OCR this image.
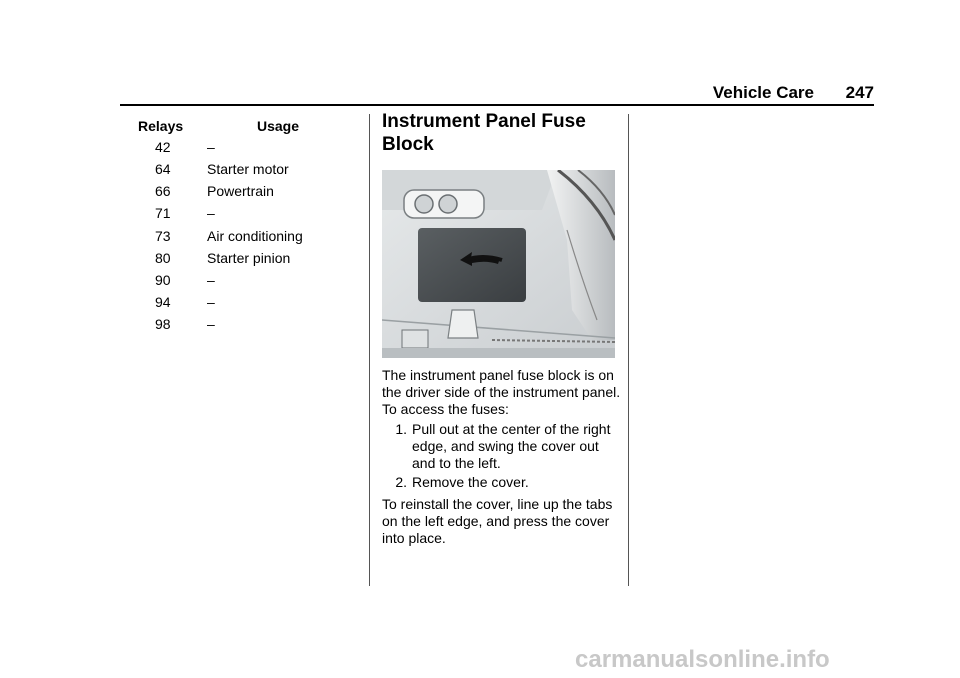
Vehicle Care 247
Relays	Usage
42	–
64	Starter motor
66	Powertrain
71	–
73	Air conditioning
80	Starter pinion
90	–
94	–
98	–
Instrument Panel Fuse Block
The instrument panel fuse block is on the driver side of the instrument panel. To access the fuses:
1. Pull out at the center of the right edge, and swing the cover out and to the left.
2. Remove the cover.
To reinstall the cover, line up the tabs on the left edge, and press the cover into place.
carmanualsonline.info
